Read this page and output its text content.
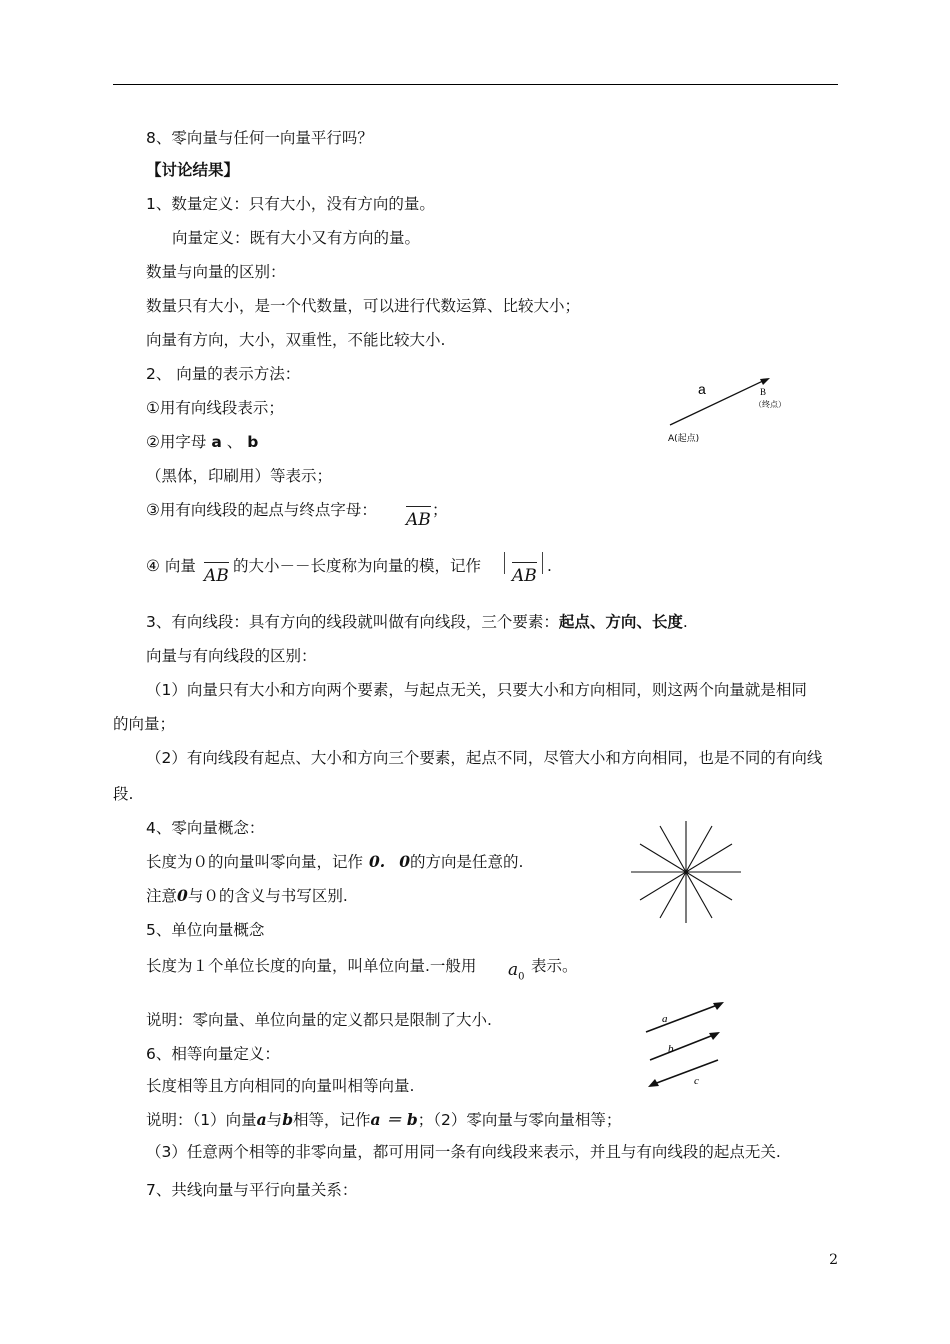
8、零向量与任何一向量平行吗？
【讨论结果】
1、数量定义：只有大小，没有方向的量。
向量定义：既有大小又有方向的量。
数量与向量的区别：
数量只有大小，是一个代数量，可以进行代数运算、比较大小；
向量有方向，大小，双重性，不能比较大小.
2、 向量的表示方法：
①用有向线段表示；
②用字母 a 、 b
（黑体，印刷用）等表示；
③用有向线段的起点与终点字母： AB ；
④ 向量 AB 的大小－－长度称为向量的模，记作 AB .
3、有向线段：具有方向的线段就叫做有向线段，三个要素：起点、方向、长度.
向量与有向线段的区别：
（1）向量只有大小和方向两个要素，与起点无关，只要大小和方向相同，则这两个向量就是相同
的向量；
（2）有向线段有起点、大小和方向三个要素，起点不同，尽管大小和方向相同，也是不同的有向线
段.
4、零向量概念：
长度为０的向量叫零向量，记作 0. 0的方向是任意的.
注意0与０的含义与书写区别.
5、单位向量概念
长度为１个单位长度的向量，叫单位向量.一般用 $a_0$
表示。
说明：零向量、单位向量的定义都只是限制了大小.
6、相等向量定义：
长度相等且方向相同的向量叫相等向量.
说明：（1）向量a与b相等，记作a ＝ b；（2）零向量与零向量相等；
（3）任意两个相等的非零向量，都可用同一条有向线段来表示，并且与有向线段的起点无关.
7、共线向量与平行向量关系：
a	B
（终点）
A(起点)
a
b
c
2
